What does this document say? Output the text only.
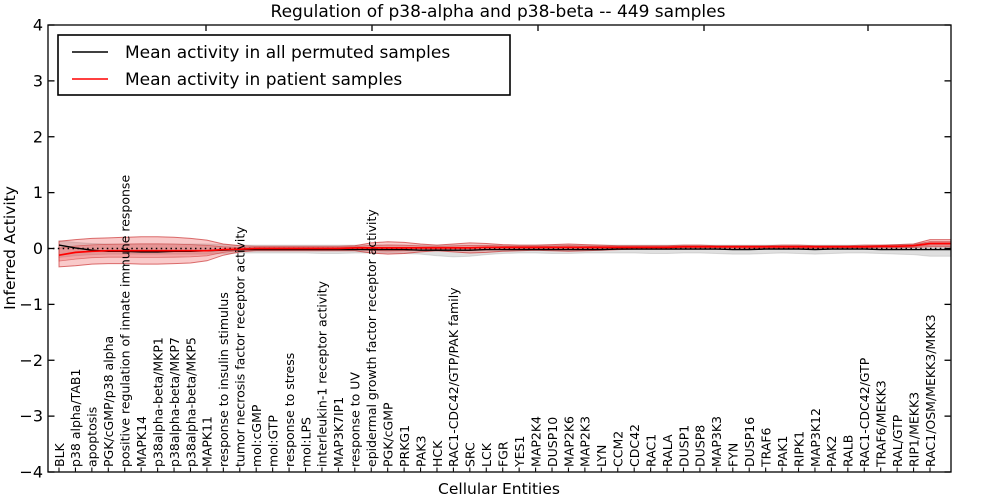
−4
−3
−2
−1
0
1
2
3
4
BLK p38 alpha/TAB1 apoptosis PGK/cGMP/p38 alpha positive regulation of innate immune response MAPK14 p38alpha-beta/MKP1 p38alpha-beta/MKP7 p38alpha-beta/MKP5 MAPK11 response to insulin stimulus tumor necrosis factor receptor activity mol:cGMP mol:GTP response to stress mol:LPS interleukin-1 receptor activity MAP3K7IP1 response to UV epidermal growth factor receptor activity PGK/cGMP PRKG1 PAK3 HCK RAC1-CDC42/GTP/PAK family SRC LCK FGR YES1 MAP2K4 DUSP10 MAP2K6 MAP2K3 LYN CCM2 CDC42 RAC1 RALA DUSP1 DUSP8 MAP3K3 FYN DUSP16 TRAF6 PAK1 RIPK1 MAP3K12 PAK2 RALB RAC1-CDC42/GTP TRAF6/MEKK3 RAL/GTP RIP1/MEKK3 RAC1/OSM/MEKK3/MKK3
Regulation of p38-alpha and p38-beta -- 449 samples
Cellular Entities
Inferred Activity
Mean activity in all permuted samples
Mean activity in patient samples
